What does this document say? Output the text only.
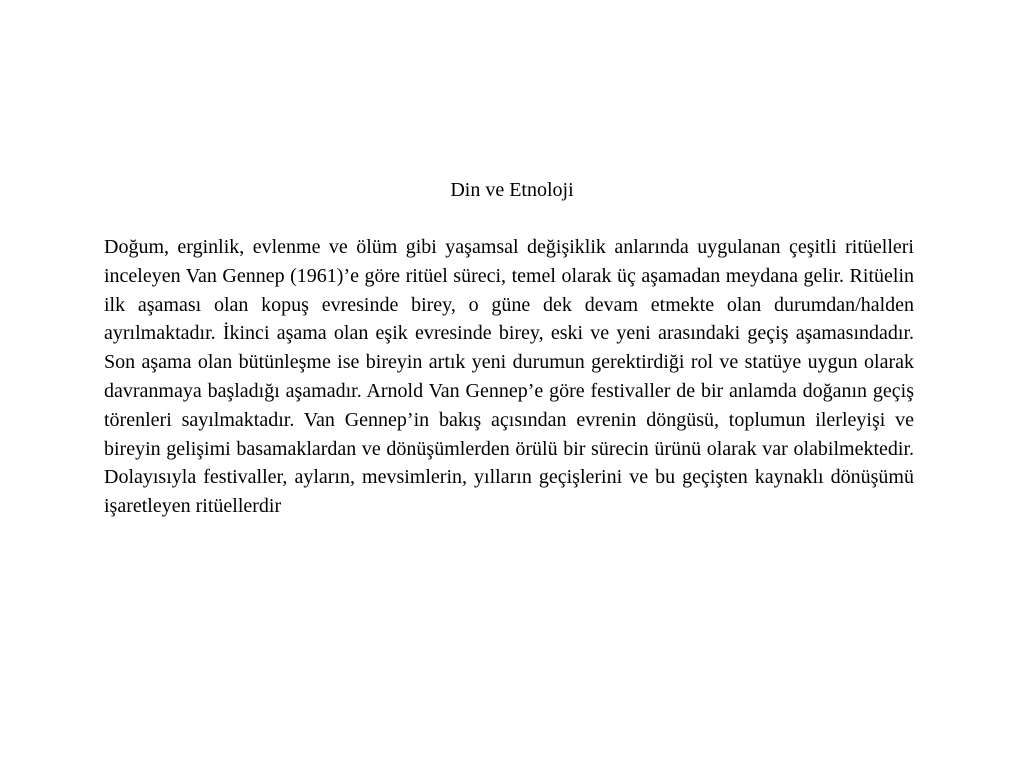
Din ve Etnoloji

Doğum, erginlik, evlenme ve ölüm gibi yaşamsal değişiklik anlarında uygulanan çeşitli ritüelleri inceleyen Van Gennep (1961)’e göre ritüel süreci, temel olarak üç aşamadan meydana gelir. Ritüelin ilk aşaması olan kopuş evresinde birey, o güne dek devam etmekte olan durumdan/halden ayrılmaktadır. İkinci aşama olan eşik evresinde birey, eski ve yeni arasındaki geçiş aşamasındadır. Son aşama olan bütünleşme ise bireyin artık yeni durumun gerektirdiği rol ve statüye uygun olarak davranmaya başladığı aşamadır. Arnold Van Gennep’e göre festivaller de bir anlamda doğanın geçiş törenleri sayılmaktadır. Van Gennep’in bakış açısından evrenin döngüsü, toplumun ilerleyişi ve bireyin gelişimi basamaklardan ve dönüşümlerden örülü bir sürecin ürünü olarak var olabilmektedir. Dolayısıyla festivaller, ayların, mevsimlerin, yılların geçişlerini ve bu geçişten kaynaklı dönüşümü işaretleyen ritüellerdir
